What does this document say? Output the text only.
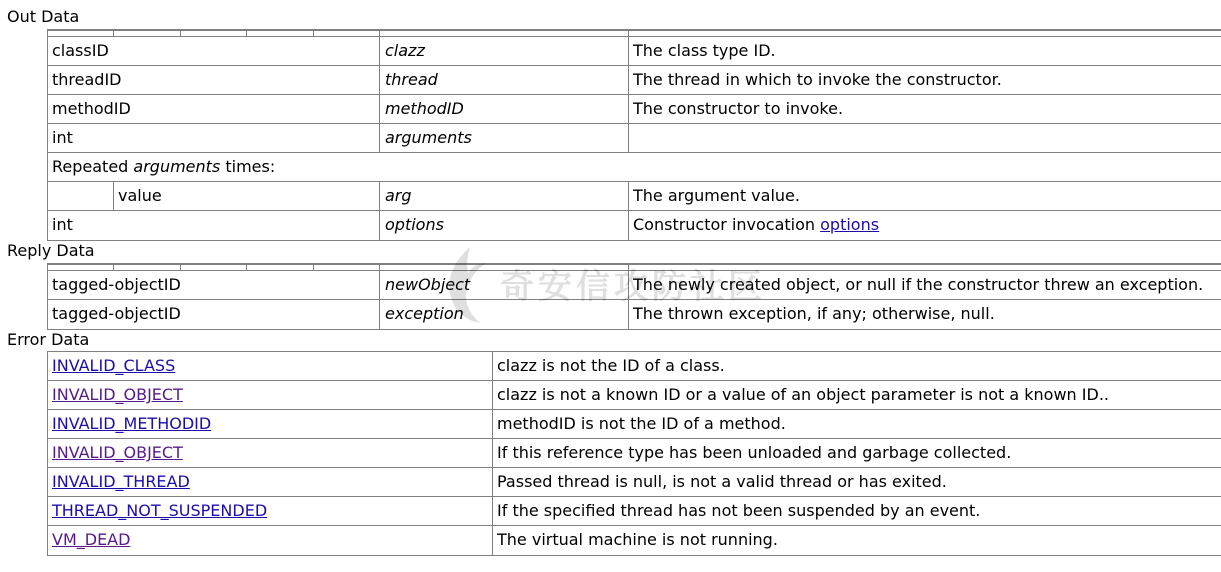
Out Data
classID	clazz	The class type ID.
threadID	thread	The thread in which to invoke the constructor.
methodID	methodID	The constructor to invoke.
int	arguments
Repeated arguments times:
value	arg	The argument value.
int	options	Constructor invocation options
Reply Data
tagged-objectID	newObject	The newly created object, or null if the constructor threw an exception.
tagged-objectID	exception	The thrown exception, if any; otherwise, null.
Error Data
INVALID_CLASS	clazz is not the ID of a class.
INVALID_OBJECT	clazz is not a known ID or a value of an object parameter is not a known ID..
INVALID_METHODID	methodID is not the ID of a method.
INVALID_OBJECT	If this reference type has been unloaded and garbage collected.
INVALID_THREAD	Passed thread is null, is not a valid thread or has exited.
THREAD_NOT_SUSPENDED	If the specified thread has not been suspended by an event.
VM_DEAD	The virtual machine is not running.
奇安信攻防社区
